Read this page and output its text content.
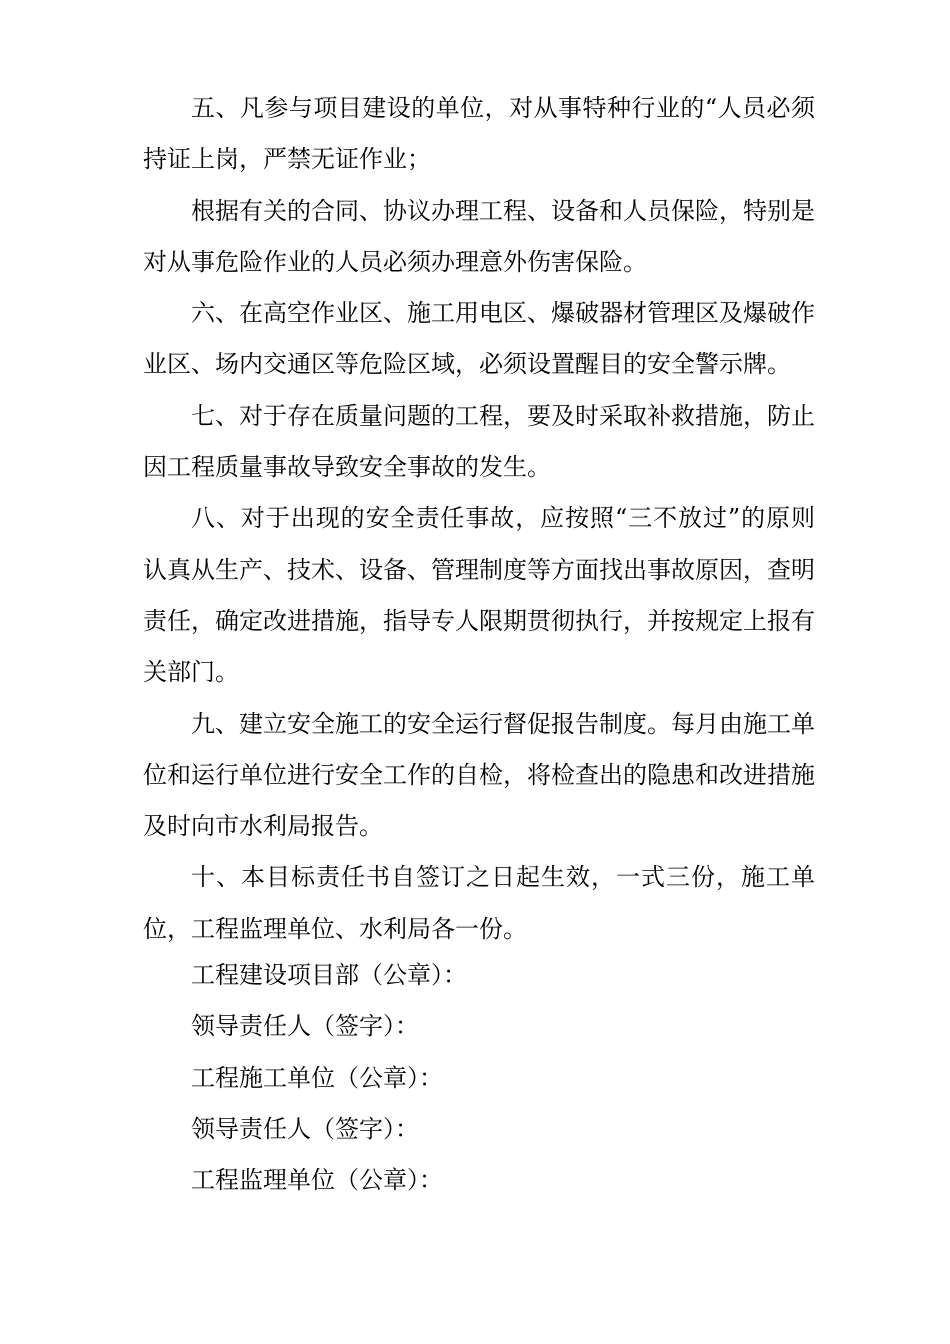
五、凡参与项目建设的单位，对从事特种行业的“人员必须持证上岗，严禁无证作业；

根据有关的合同、协议办理工程、设备和人员保险，特别是对从事危险作业的人员必须办理意外伤害保险。

六、在高空作业区、施工用电区、爆破器材管理区及爆破作业区、场内交通区等危险区域，必须设置醒目的安全警示牌。

七、对于存在质量问题的工程，要及时采取补救措施，防止因工程质量事故导致安全事故的发生。

八、对于出现的安全责任事故，应按照“三不放过”的原则认真从生产、技术、设备、管理制度等方面找出事故原因，查明责任，确定改进措施，指导专人限期贯彻执行，并按规定上报有关部门。

九、建立安全施工的安全运行督促报告制度。每月由施工单位和运行单位进行安全工作的自检，将检查出的隐患和改进措施及时向市水利局报告。

十、本目标责任书自签订之日起生效，一式三份，施工单位，工程监理单位、水利局各一份。

工程建设项目部（公章）：

领导责任人（签字）：

工程施工单位（公章）：

领导责任人（签字）：

工程监理单位（公章）：
